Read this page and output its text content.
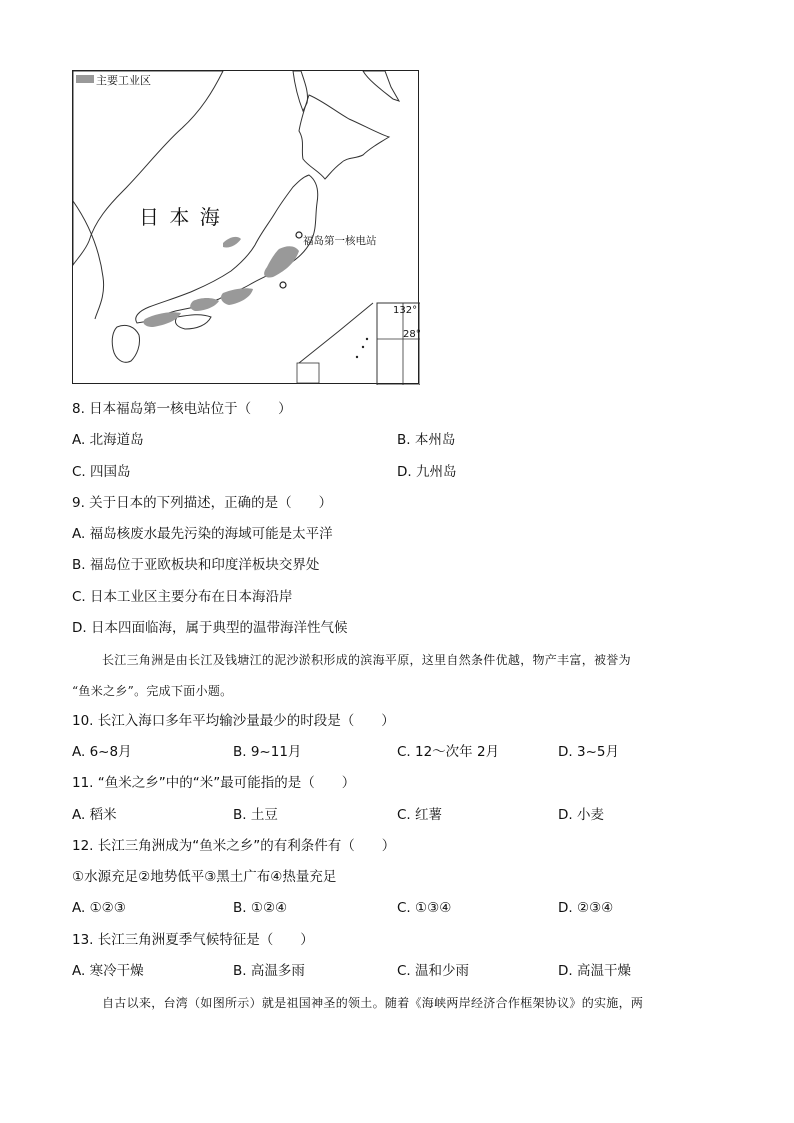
主要工业区
日 本 海
福岛第一核电站
132°
28°
8. 日本福岛第一核电站位于（　　）
A. 北海道岛	B. 本州岛
C. 四国岛	D. 九州岛
9. 关于日本的下列描述，正确的是（　　）
A. 福岛核废水最先污染的海域可能是太平洋
B. 福岛位于亚欧板块和印度洋板块交界处
C. 日本工业区主要分布在日本海沿岸
D. 日本四面临海，属于典型的温带海洋性气候
长江三角洲是由长江及钱塘江的泥沙淤积形成的滨海平原，这里自然条件优越，物产丰富，被誉为
“鱼米之乡”。完成下面小题。
10. 长江入海口多年平均输沙量最少的时段是（　　）
A. 6~8月	B. 9~11月	C. 12～次年 2月	D. 3~5月
11. “鱼米之乡”中的“米”最可能指的是（　　）
A. 稻米	B. 土豆	C. 红薯	D. 小麦
12. 长江三角洲成为“鱼米之乡”的有利条件有（　　）
①水源充足②地势低平③黑土广布④热量充足
A. ①②③	B. ①②④	C. ①③④	D. ②③④
13. 长江三角洲夏季气候特征是（　　）
A. 寒冷干燥	B. 高温多雨	C. 温和少雨	D. 高温干燥
自古以来，台湾（如图所示）就是祖国神圣的领土。随着《海峡两岸经济合作框架协议》的实施，两
